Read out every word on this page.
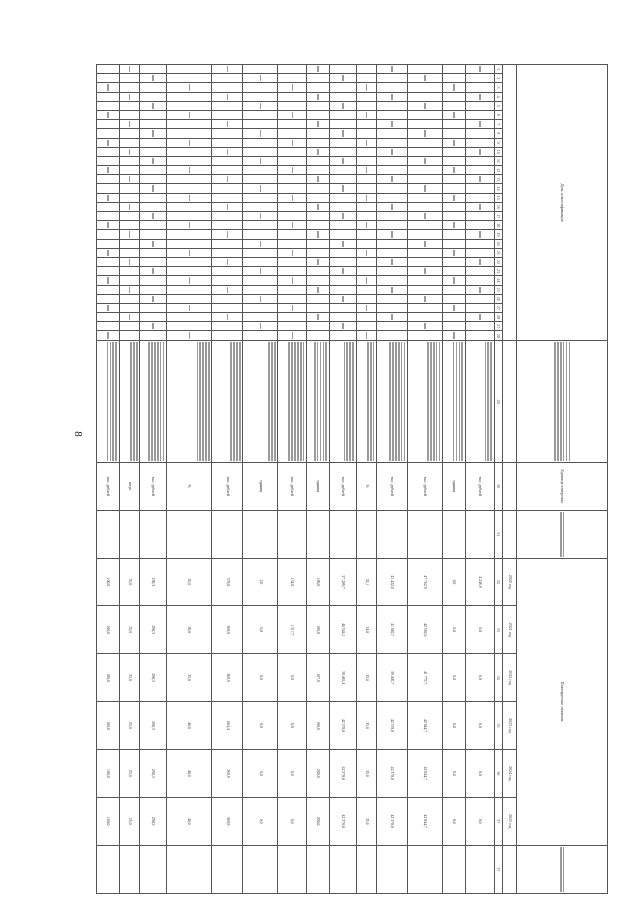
8
Доп. классификация																															Единица измерения		Планируемые значения						

																																	2020 год	2021 год	2022 год	2023 год	2024 год	2025 год	
1	2	3	4	5	6	7	8	9	10	11	12	13	14	15	16	17	18	19	20	21	22	23	24	25	26	27	28	27	28	29	30	31	32	33	34	35	36	37	37

	тыс. рублей		4 246,9	0,0	0,0	0,0	0,0	0,0	

	единиц		0,0	0,0	0,0	0,0	0,0	0,0	

	тыс. рублей		47 762,9	42 592,6	41 775,7	42 844,7	42 844,7	42 844,7	

	тыс. рублей		41 422,0	41 082,7	39 405,7	42 378,8	42 378,8	42 378,8	

	%		32,1	34,0	35,0	35,8	35,8	35,8	

	тыс. рублей		37 289,7	40 544,1	39 463,4	42 378,8	42 378,8	42 378,8	

	единиц		180,0	180,0	187,0	190,0	200,0	200,0	

	тыс. рублей		134,0	1 317,7	0,0	0,0	0,0	0,0	

	единиц		2,0	0,0	0,0	0,0	0,0	0,0	

	тыс. рублей		378,8	369,9	369,9	664,4	369,9	369,9	

	%		25,0	30,0	35,0	40,0	40,0	40,0	

	тыс. рублей		298,3	298,3	298,3	298,3	298,3	298,3	

	штук		55,0	55,0	55,0	55,0	55,0	55,0	

	тыс. рублей		100,0	100,0	100,0	100,0	100,0	100,0	
